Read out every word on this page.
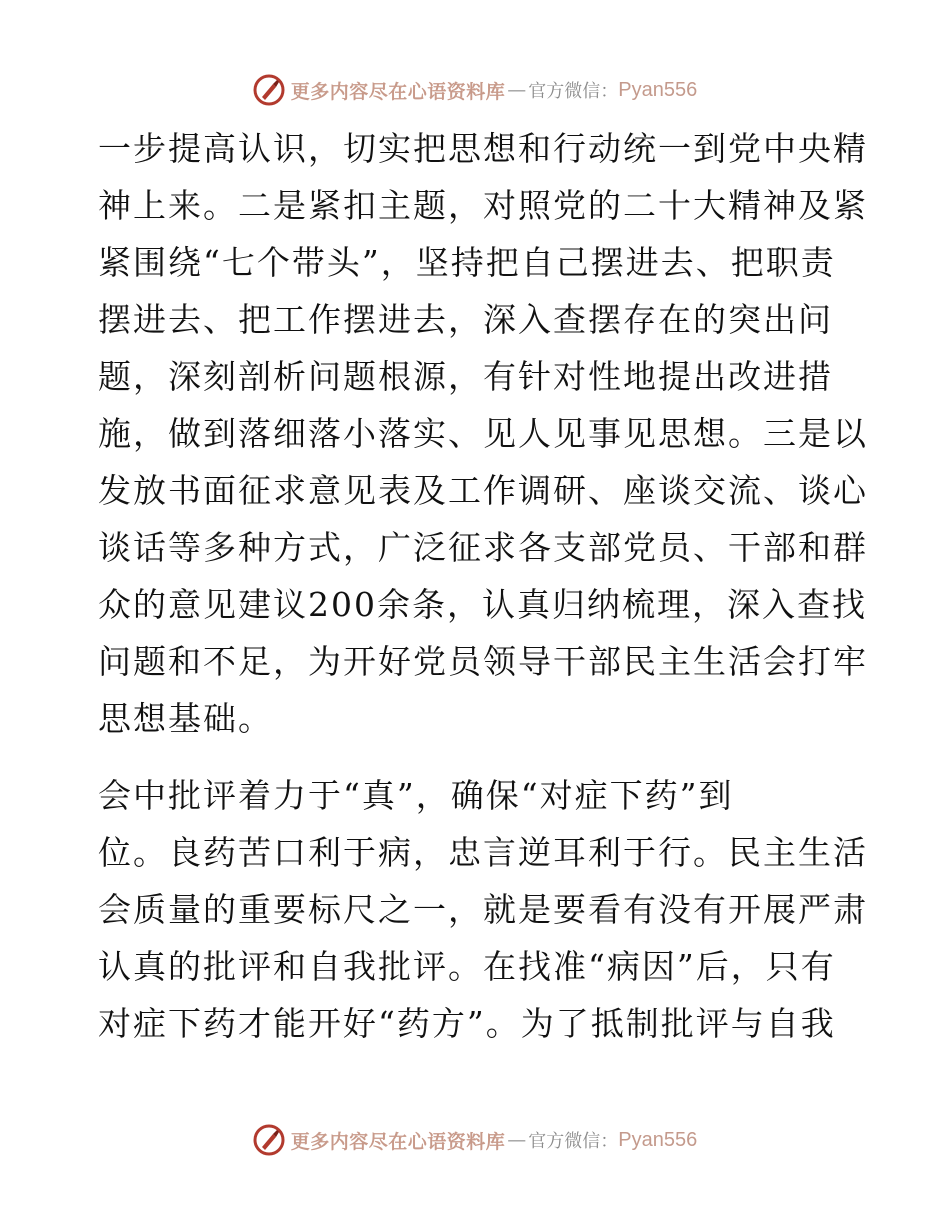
更多内容尽在心语资料库 — 官方微信： Pyan556
一步提高认识，切实把思想和行动统一到党中央精
神上来。二是紧扣主题，对照党的二十大精神及紧
紧围绕“七个带头”，坚持把自己摆进去、把职责
摆进去、把工作摆进去，深入查摆存在的突出问
题，深刻剖析问题根源，有针对性地提出改进措
施，做到落细落小落实、见人见事见思想。三是以
发放书面征求意见表及工作调研、座谈交流、谈心
谈话等多种方式，广泛征求各支部党员、干部和群
众的意见建议200余条，认真归纳梳理，深入查找
问题和不足，为开好党员领导干部民主生活会打牢
思想基础。
会中批评着力于“真”，确保“对症下药”到
位。良药苦口利于病，忠言逆耳利于行。民主生活
会质量的重要标尺之一，就是要看有没有开展严肃
认真的批评和自我批评。在找准“病因”后，只有
对症下药才能开好“药方”。为了抵制批评与自我
更多内容尽在心语资料库 — 官方微信： Pyan556
